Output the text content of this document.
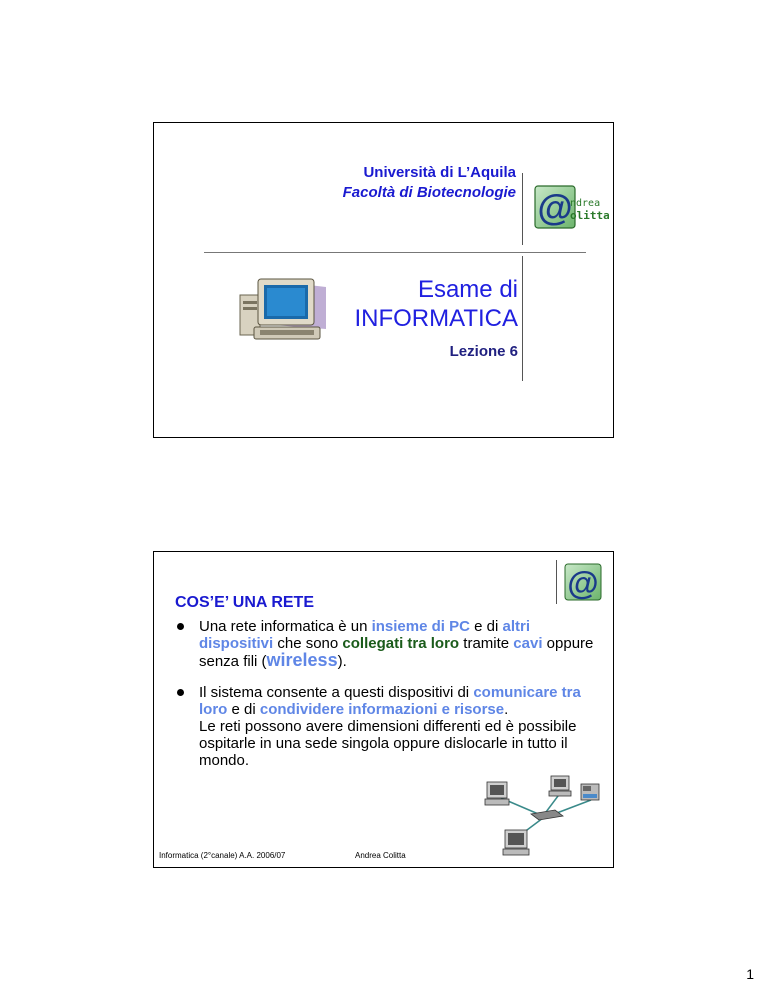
Università di L’Aquila
Facoltà di Biotecnologie @
ndrea
olitta
Esame di
INFORMATICA
Lezione 6
@
COS’E’ UNA RETE
Una rete informatica è un insieme di PC e di altri dispositivi che sono collegati tra loro tramite cavi oppure senza fili (wireless).
Il sistema consente a questi dispositivi di comunicare tra loro e di condividere informazioni e risorse.
Le reti possono avere dimensioni differenti ed è possibile ospitarle in una sede singola oppure dislocarle in tutto il mondo.
Informatica (2°canale) A.A. 2006/07	Andrea Colitta
1
